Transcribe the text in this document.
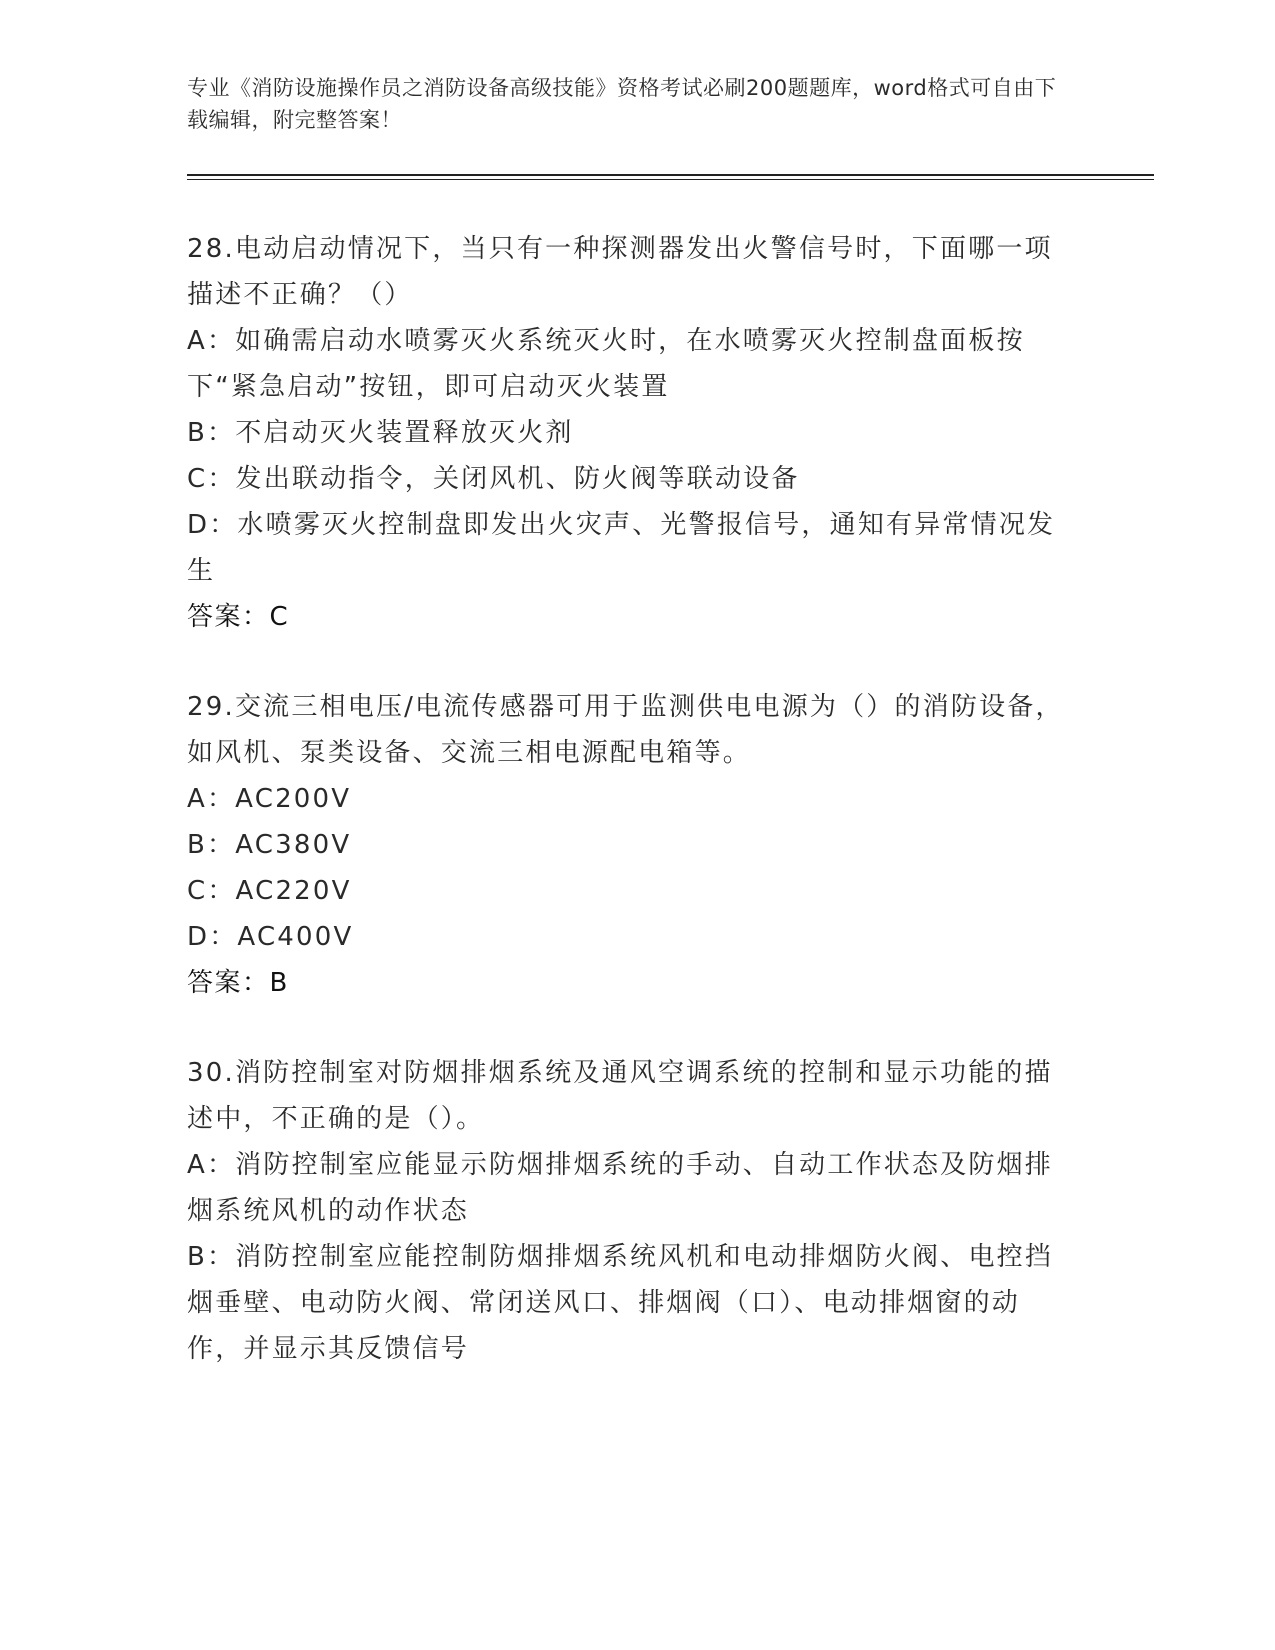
专业《消防设施操作员之消防设备高级技能》资格考试必刷200题题库，word格式可自由下载编辑，附完整答案！
28.电动启动情况下，当只有一种探测器发出火警信号时，下面哪一项描述不正确？（）
A：如确需启动水喷雾灭火系统灭火时，在水喷雾灭火控制盘面板按下“紧急启动”按钮，即可启动灭火装置
B：不启动灭火装置释放灭火剂
C：发出联动指令，关闭风机、防火阀等联动设备
D：水喷雾灭火控制盘即发出火灾声、光警报信号，通知有异常情况发生
答案：C
29.交流三相电压/电流传感器可用于监测供电电源为（）的消防设备，如风机、泵类设备、交流三相电源配电箱等。
A：AC200V
B：AC380V
C：AC220V
D：AC400V
答案：B
30.消防控制室对防烟排烟系统及通风空调系统的控制和显示功能的描述中，不正确的是（）。
A：消防控制室应能显示防烟排烟系统的手动、自动工作状态及防烟排烟系统风机的动作状态
B：消防控制室应能控制防烟排烟系统风机和电动排烟防火阀、电控挡烟垂壁、电动防火阀、常闭送风口、排烟阀（口）、电动排烟窗的动作，并显示其反馈信号
